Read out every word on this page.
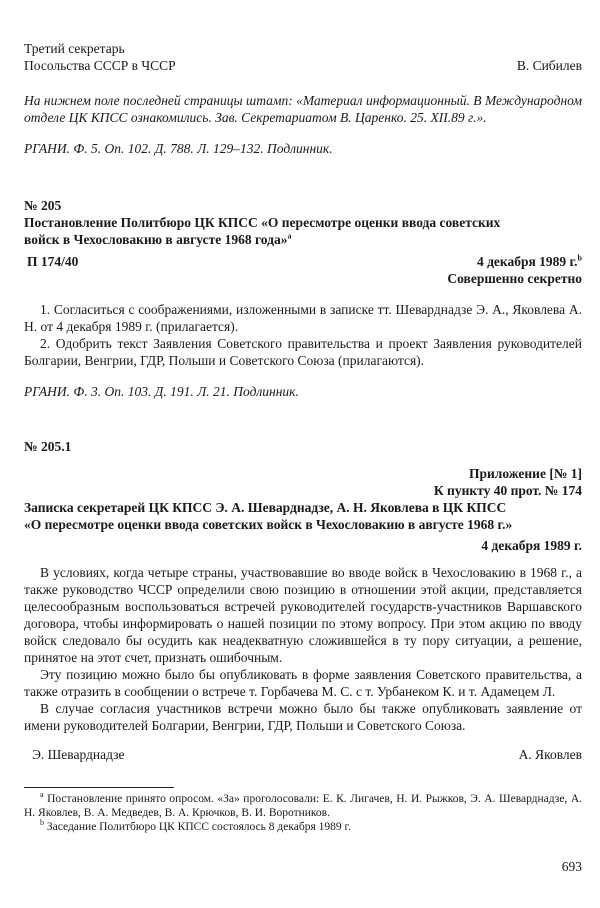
Третий секретарь
Посольства СССР в ЧССР	В. Сибилев
На нижнем поле последней страницы штамп: «Материал информационный. В Международном отделе ЦК КПСС ознакомились. Зав. Секретариатом В. Царенко. 25. XII.89 г.».
РГАНИ. Ф. 5. Оп. 102. Д. 788. Л. 129–132. Подлинник.
№ 205
Постановление Политбюро ЦК КПСС «О пересмотре оценки ввода советских
войск в Чехословакию в августе 1968 года»$^a$
П 174/40	4 декабря 1989 г.$^b$
Совершенно секретно
1. Согласиться с соображениями, изложенными в записке тт. Шеварднадзе Э. А., Яковлева А. Н. от 4 декабря 1989 г. (прилагается).
2. Одобрить текст Заявления Советского правительства и проект Заявления руководителей Болгарии, Венгрии, ГДР, Польши и Советского Союза (прилагаются).
РГАНИ. Ф. 3. Оп. 103. Д. 191. Л. 21. Подлинник.
№ 205.1
Приложение [№ 1]
К пункту 40 прот. № 174
Записка секретарей ЦК КПСС Э. А. Шеварднадзе, А. Н. Яковлева в ЦК КПСС
«О пересмотре оценки ввода советских войск в Чехословакию в августе 1968 г.»
4 декабря 1989 г.
В условиях, когда четыре страны, участвовавшие во вводе войск в Чехословакию в 1968 г., а также руководство ЧССР определили свою позицию в отношении этой акции, представляется целесообразным воспользоваться встречей руководителей государств-участников Варшавского договора, чтобы информировать о нашей позиции по этому вопросу. При этом акцию по вводу войск следовало бы осудить как неадекватную сложившейся в ту пору ситуации, а решение, принятое на этот счет, признать ошибочным.
Эту позицию можно было бы опубликовать в форме заявления Советского правительства, а также отразить в сообщении о встрече т. Горбачева М. С. с т. Урбанеком К. и т. Адамецем Л.
В случае согласия участников встречи можно было бы также опубликовать заявление от имени руководителей Болгарии, Венгрии, ГДР, Польши и Советского Союза.
Э. Шеварднадзе	А. Яковлев
$^a$ Постановление принято опросом. «За» проголосовали: Е. К. Лигачев, Н. И. Рыжков, Э. А. Шеварднадзе, А. Н. Яковлев, В. А. Медведев, В. А. Крючков, В. И. Воротников.
$^b$ Заседание Политбюро ЦК КПСС состоялось 8 декабря 1989 г.
693
